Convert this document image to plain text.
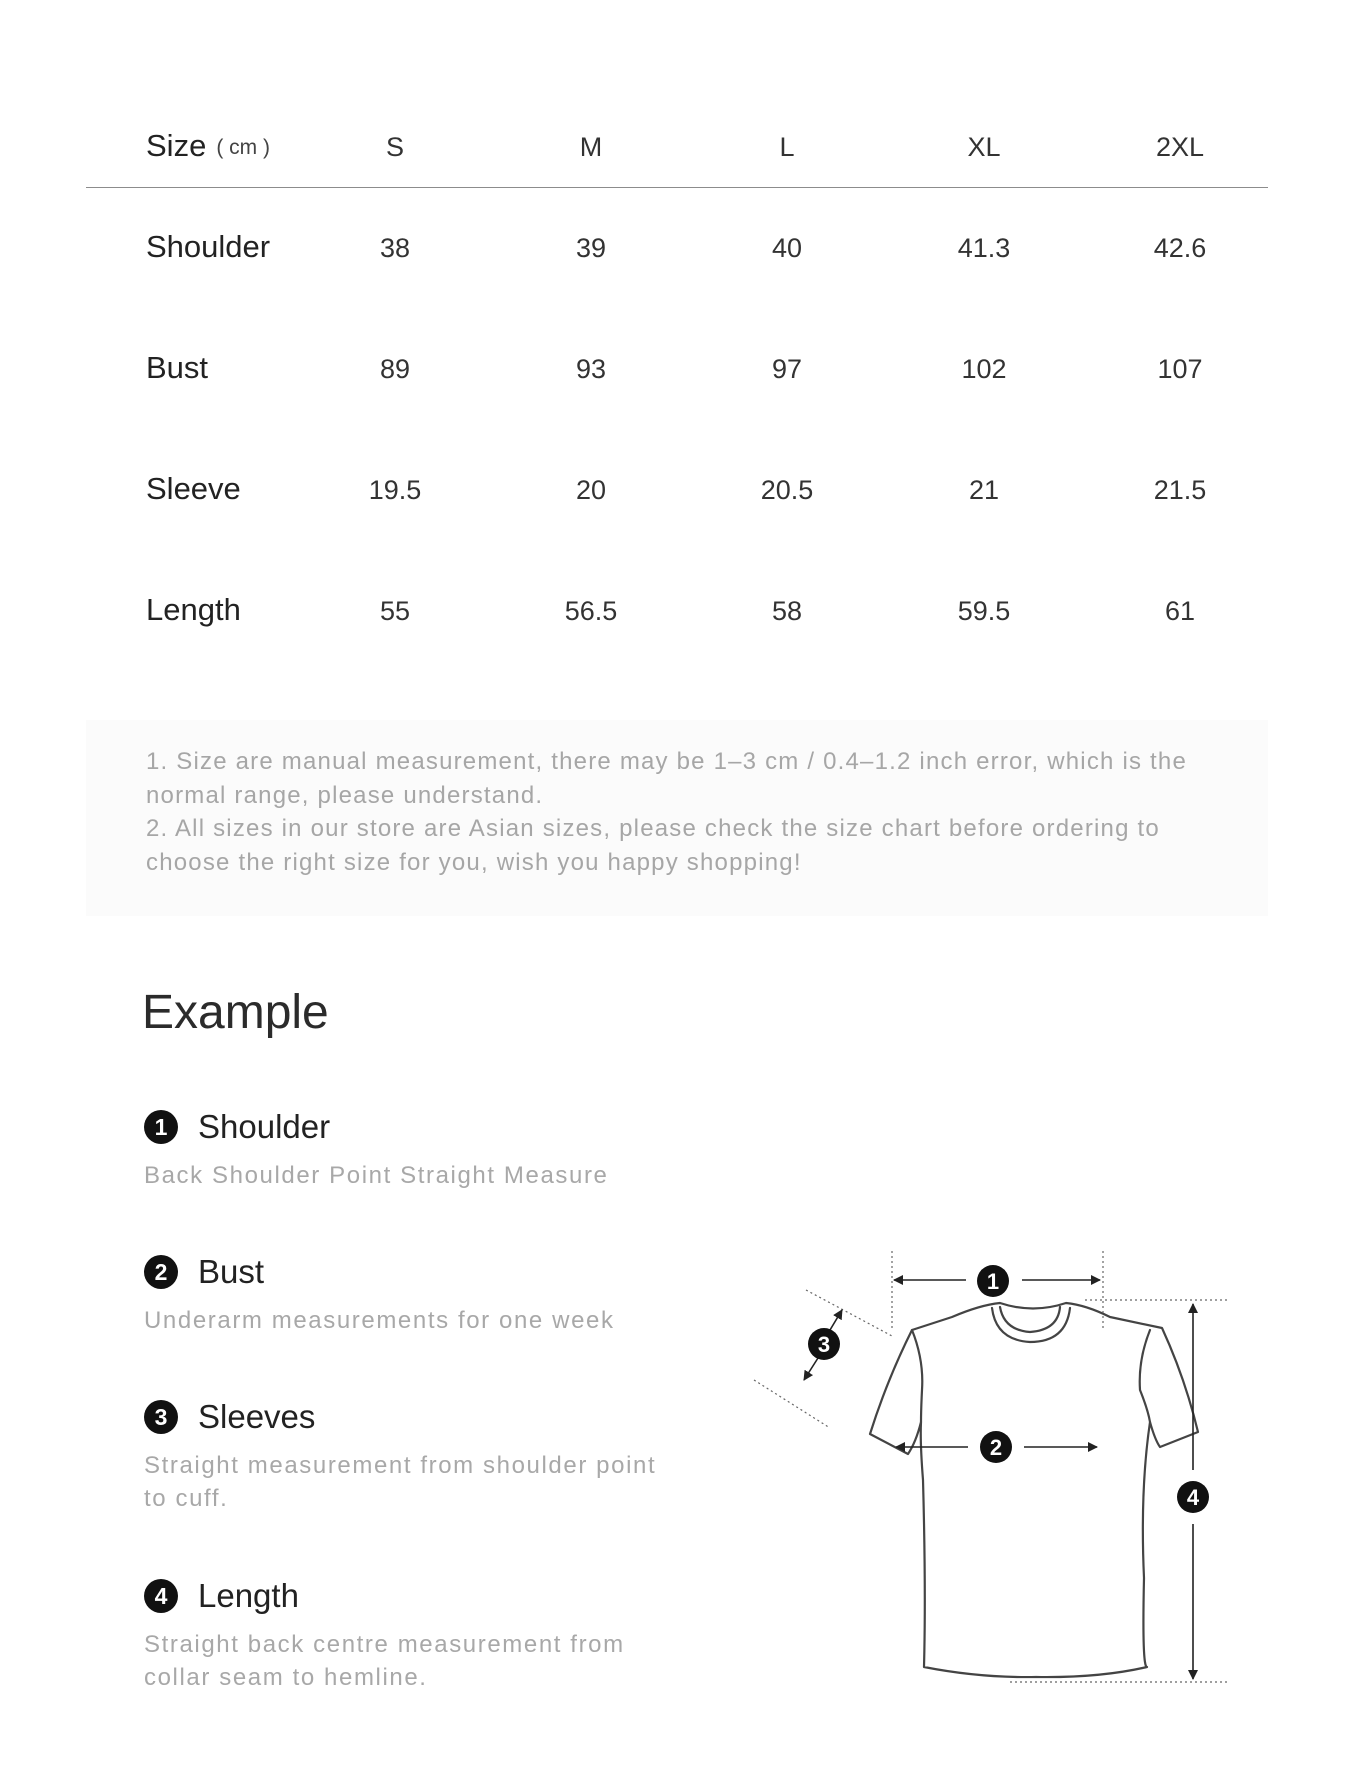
Size ( cm )	S	M	L	XL	2XL
Shoulder	38	39	40	41.3	42.6
Bust	89	93	97	102	107
Sleeve	19.5	20	20.5	21	21.5
Length	55	56.5	58	59.5	61

1. Size are manual measurement, there may be 1–3 cm / 0.4–1.2 inch error, which is the normal range, please understand.

2. All sizes in our store are Asian sizes, please check the size chart before ordering to choose the right size for you, wish you happy shopping!

Example
1 Shoulder
Back Shoulder Point Straight Measure
2 Bust
Underarm measurements for one week
3 Sleeves
Straight measurement from shoulder point to cuff.
4 Length
Straight back centre measurement from collar seam to hemline.
1
2
3
4
